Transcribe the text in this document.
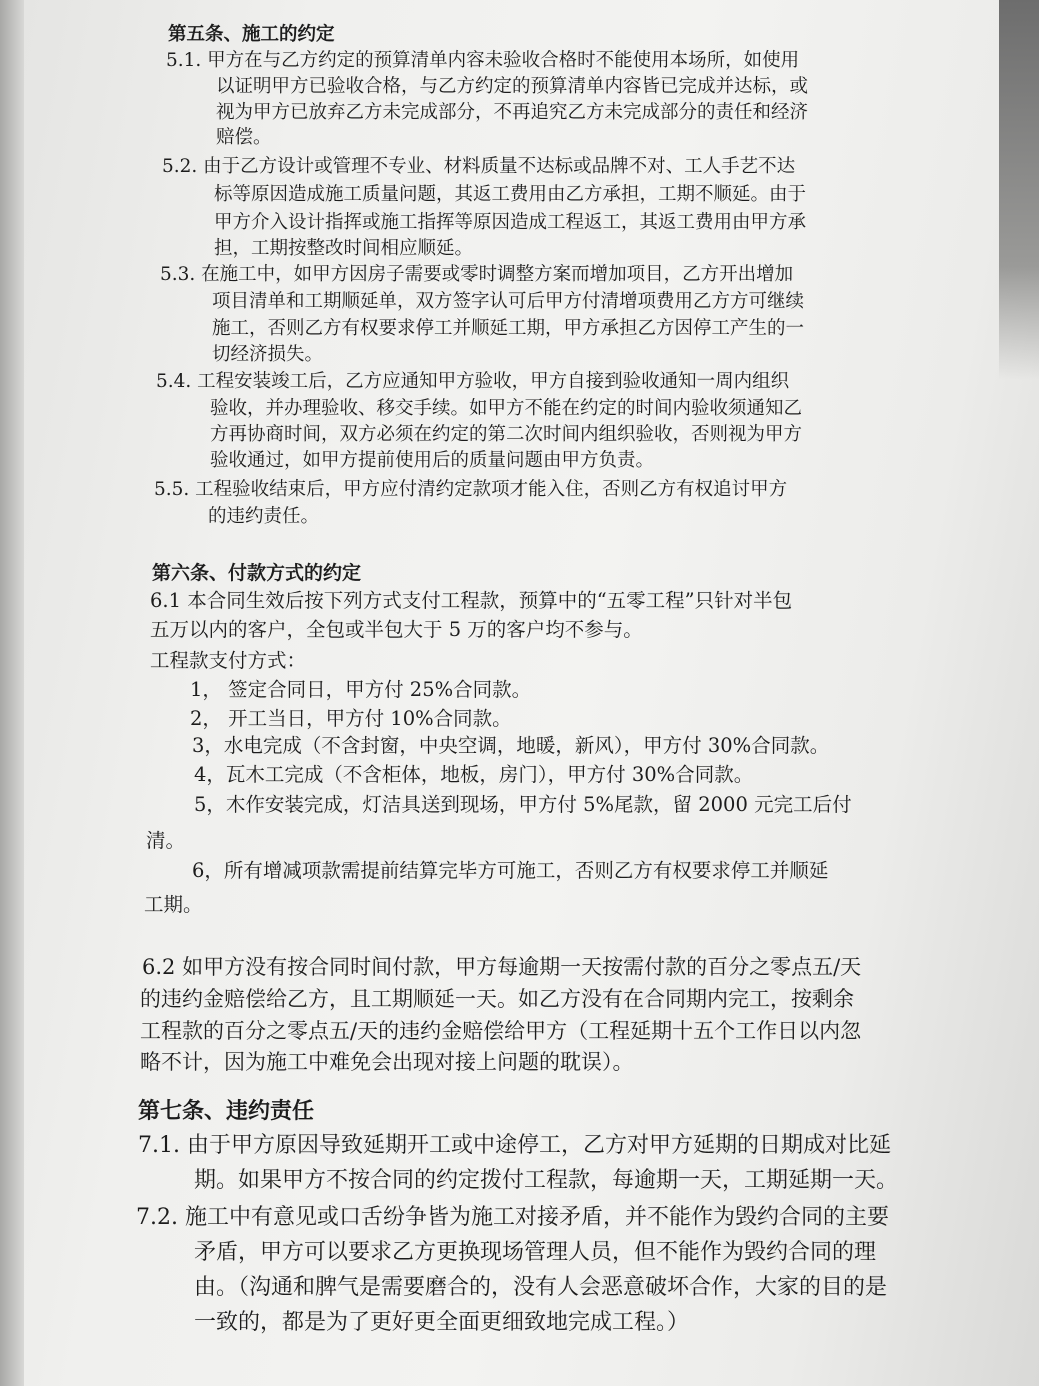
第五条、施工的约定
5.1. 甲方在与乙方约定的预算清单内容未验收合格时不能使用本场所，如使用
以证明甲方已验收合格，与乙方约定的预算清单内容皆已完成并达标，或
视为甲方已放弃乙方未完成部分，不再追究乙方未完成部分的责任和经济
赔偿。
5.2. 由于乙方设计或管理不专业、材料质量不达标或品牌不对、工人手艺不达
标等原因造成施工质量问题，其返工费用由乙方承担，工期不顺延。由于
甲方介入设计指挥或施工指挥等原因造成工程返工，其返工费用由甲方承
担，工期按整改时间相应顺延。
5.3. 在施工中，如甲方因房子需要或零时调整方案而增加项目，乙方开出增加
项目清单和工期顺延单，双方签字认可后甲方付清增项费用乙方方可继续
施工，否则乙方有权要求停工并顺延工期，甲方承担乙方因停工产生的一
切经济损失。
5.4. 工程安装竣工后，乙方应通知甲方验收，甲方自接到验收通知一周内组织
验收，并办理验收、移交手续。如甲方不能在约定的时间内验收须通知乙
方再协商时间，双方必须在约定的第二次时间内组织验收，否则视为甲方
验收通过，如甲方提前使用后的质量问题由甲方负责。
5.5. 工程验收结束后，甲方应付清约定款项才能入住，否则乙方有权追讨甲方
的违约责任。
第六条、付款方式的约定
6.1 本合同生效后按下列方式支付工程款，预算中的“五零工程”只针对半包
五万以内的客户，全包或半包大于 5 万的客户均不参与。
工程款支付方式：
1， 签定合同日，甲方付 25%合同款。
2， 开工当日，甲方付 10%合同款。
3，水电完成（不含封窗，中央空调，地暖，新风），甲方付 30%合同款。
4，瓦木工完成（不含柜体，地板，房门），甲方付 30%合同款。
5，木作安装完成，灯洁具送到现场，甲方付 5%尾款，留 2000 元完工后付
清。
6，所有增减项款需提前结算完毕方可施工，否则乙方有权要求停工并顺延
工期。
6.2 如甲方没有按合同时间付款，甲方每逾期一天按需付款的百分之零点五/天
的违约金赔偿给乙方，且工期顺延一天。如乙方没有在合同期内完工，按剩余
工程款的百分之零点五/天的违约金赔偿给甲方（工程延期十五个工作日以内忽
略不计，因为施工中难免会出现对接上问题的耽误）。
第七条、违约责任
7.1. 由于甲方原因导致延期开工或中途停工，乙方对甲方延期的日期成对比延
期。如果甲方不按合同的约定拨付工程款，每逾期一天，工期延期一天。
7.2. 施工中有意见或口舌纷争皆为施工对接矛盾，并不能作为毁约合同的主要
矛盾，甲方可以要求乙方更换现场管理人员，但不能作为毁约合同的理
由。（沟通和脾气是需要磨合的，没有人会恶意破坏合作，大家的目的是
一致的，都是为了更好更全面更细致地完成工程。）
